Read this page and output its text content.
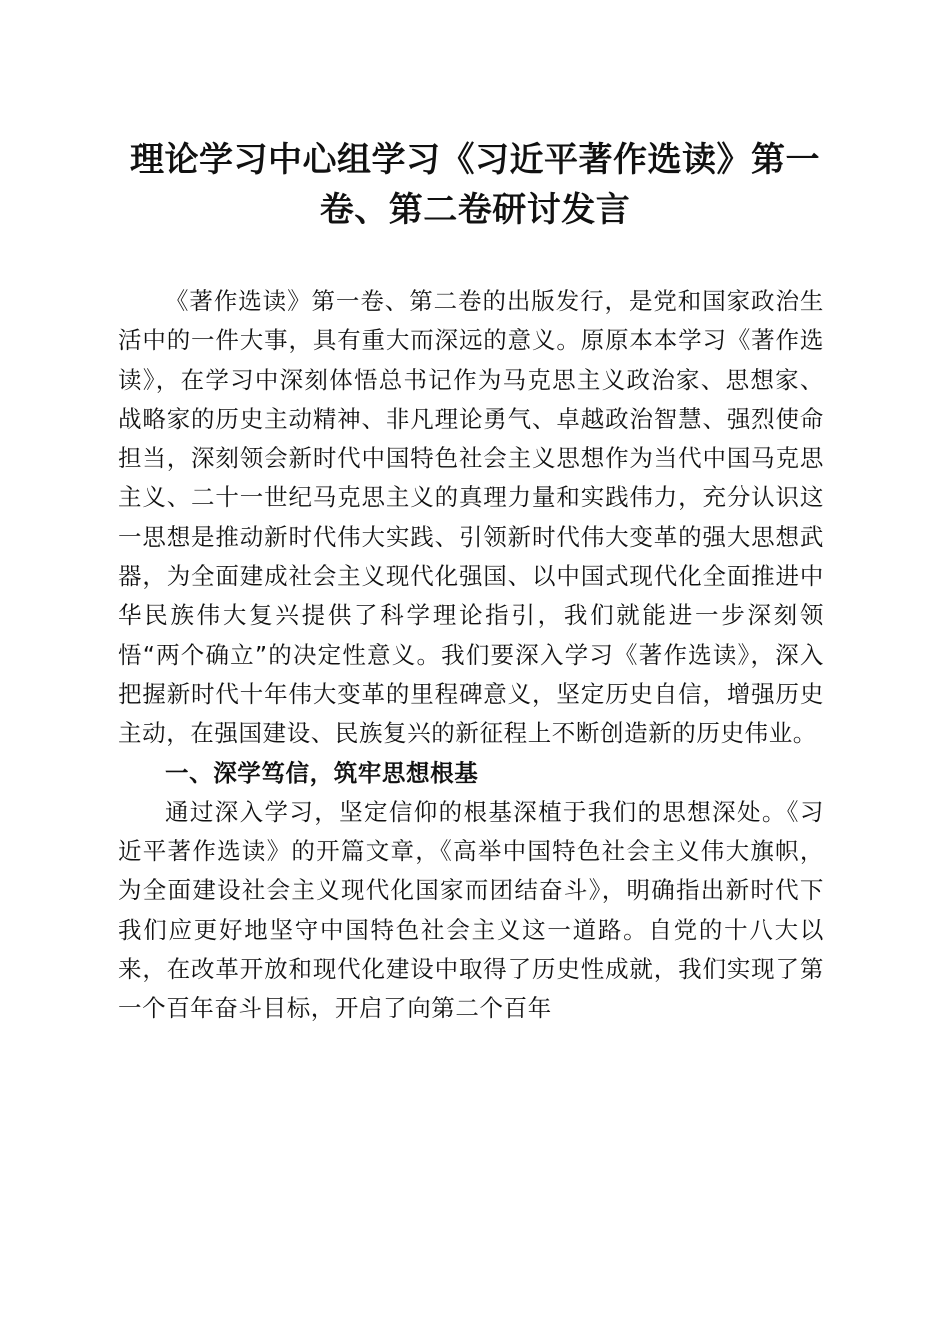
理论学习中心组学习《习近平著作选读》第一
卷、第二卷研讨发言

《著作选读》第一卷、第二卷的出版发行，是党和国家政治生活中的一件大事，具有重大而深远的意义。原原本本学习《著作选读》，在学习中深刻体悟总书记作为马克思主义政治家、思想家、战略家的历史主动精神、非凡理论勇气、卓越政治智慧、强烈使命担当，深刻领会新时代中国特色社会主义思想作为当代中国马克思主义、二十一世纪马克思主义的真理力量和实践伟力，充分认识这一思想是推动新时代伟大实践、引领新时代伟大变革的强大思想武器，为全面建成社会主义现代化强国、以中国式现代化全面推进中华民族伟大复兴提供了科学理论指引，我们就能进一步深刻领悟“两个确立”的决定性意义。我们要深入学习《著作选读》，深入把握新时代十年伟大变革的里程碑意义，坚定历史自信，增强历史主动，在强国建设、民族复兴的新征程上不断创造新的历史伟业。

一、深学笃信，筑牢思想根基

通过深入学习，坚定信仰的根基深植于我们的思想深处。《习近平著作选读》的开篇文章，《高举中国特色社会主义伟大旗帜，为全面建设社会主义现代化国家而团结奋斗》，明确指出新时代下我们应更好地坚守中国特色社会主义这一道路。自党的十八大以来，在改革开放和现代化建设中取得了历史性成就，我们实现了第一个百年奋斗目标，开启了向第二个百年
